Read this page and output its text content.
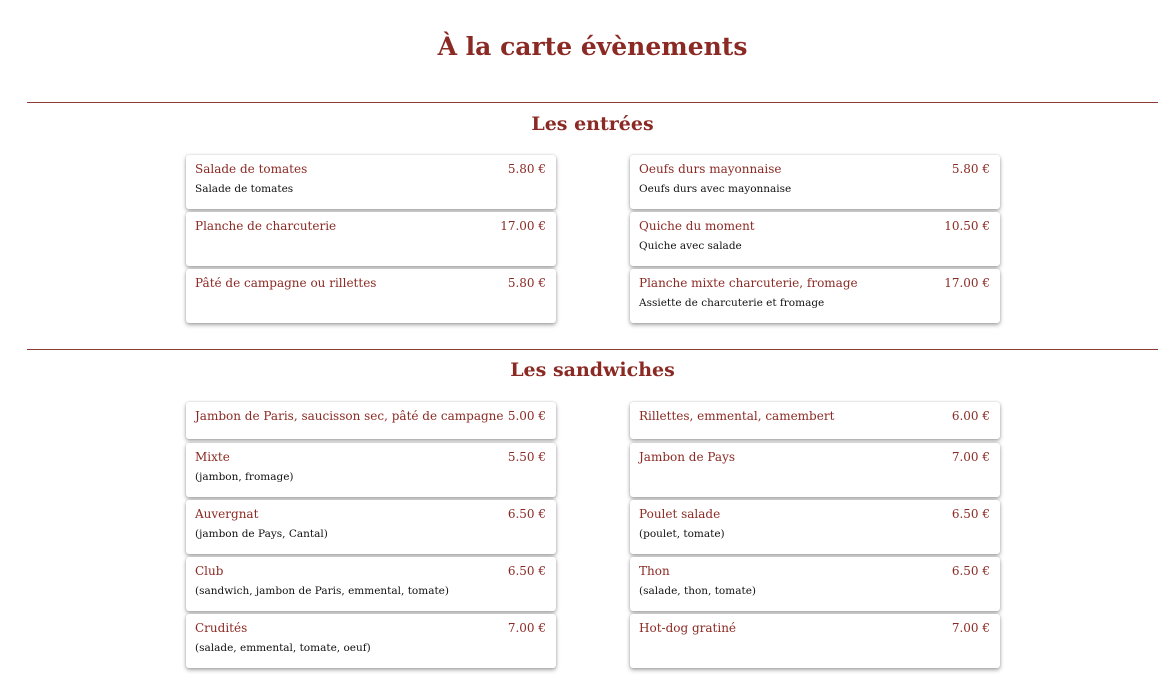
À la carte évènements
Les entrées
Salade de tomates	5.80 €
Salade de tomates
Planche de charcuterie	17.00 €
Pâté de campagne ou rillettes	5.80 €
Oeufs durs mayonnaise	5.80 €
Oeufs durs avec mayonnaise
Quiche du moment	10.50 €
Quiche avec salade
Planche mixte charcuterie, fromage	17.00 €
Assiette de charcuterie et fromage
Les sandwiches
Jambon de Paris, saucisson sec, pâté de campagne 5.00 €
Mixte	5.50 €
(jambon, fromage)
Auvergnat	6.50 €
(jambon de Pays, Cantal)
Club	6.50 €
(sandwich, jambon de Paris, emmental, tomate)
Crudités	7.00 €
(salade, emmental, tomate, oeuf)
Rillettes, emmental, camembert	6.00 €
Jambon de Pays	7.00 €
Poulet salade	6.50 €
(poulet, tomate)
Thon	6.50 €
(salade, thon, tomate)
Hot-dog gratiné	7.00 €
